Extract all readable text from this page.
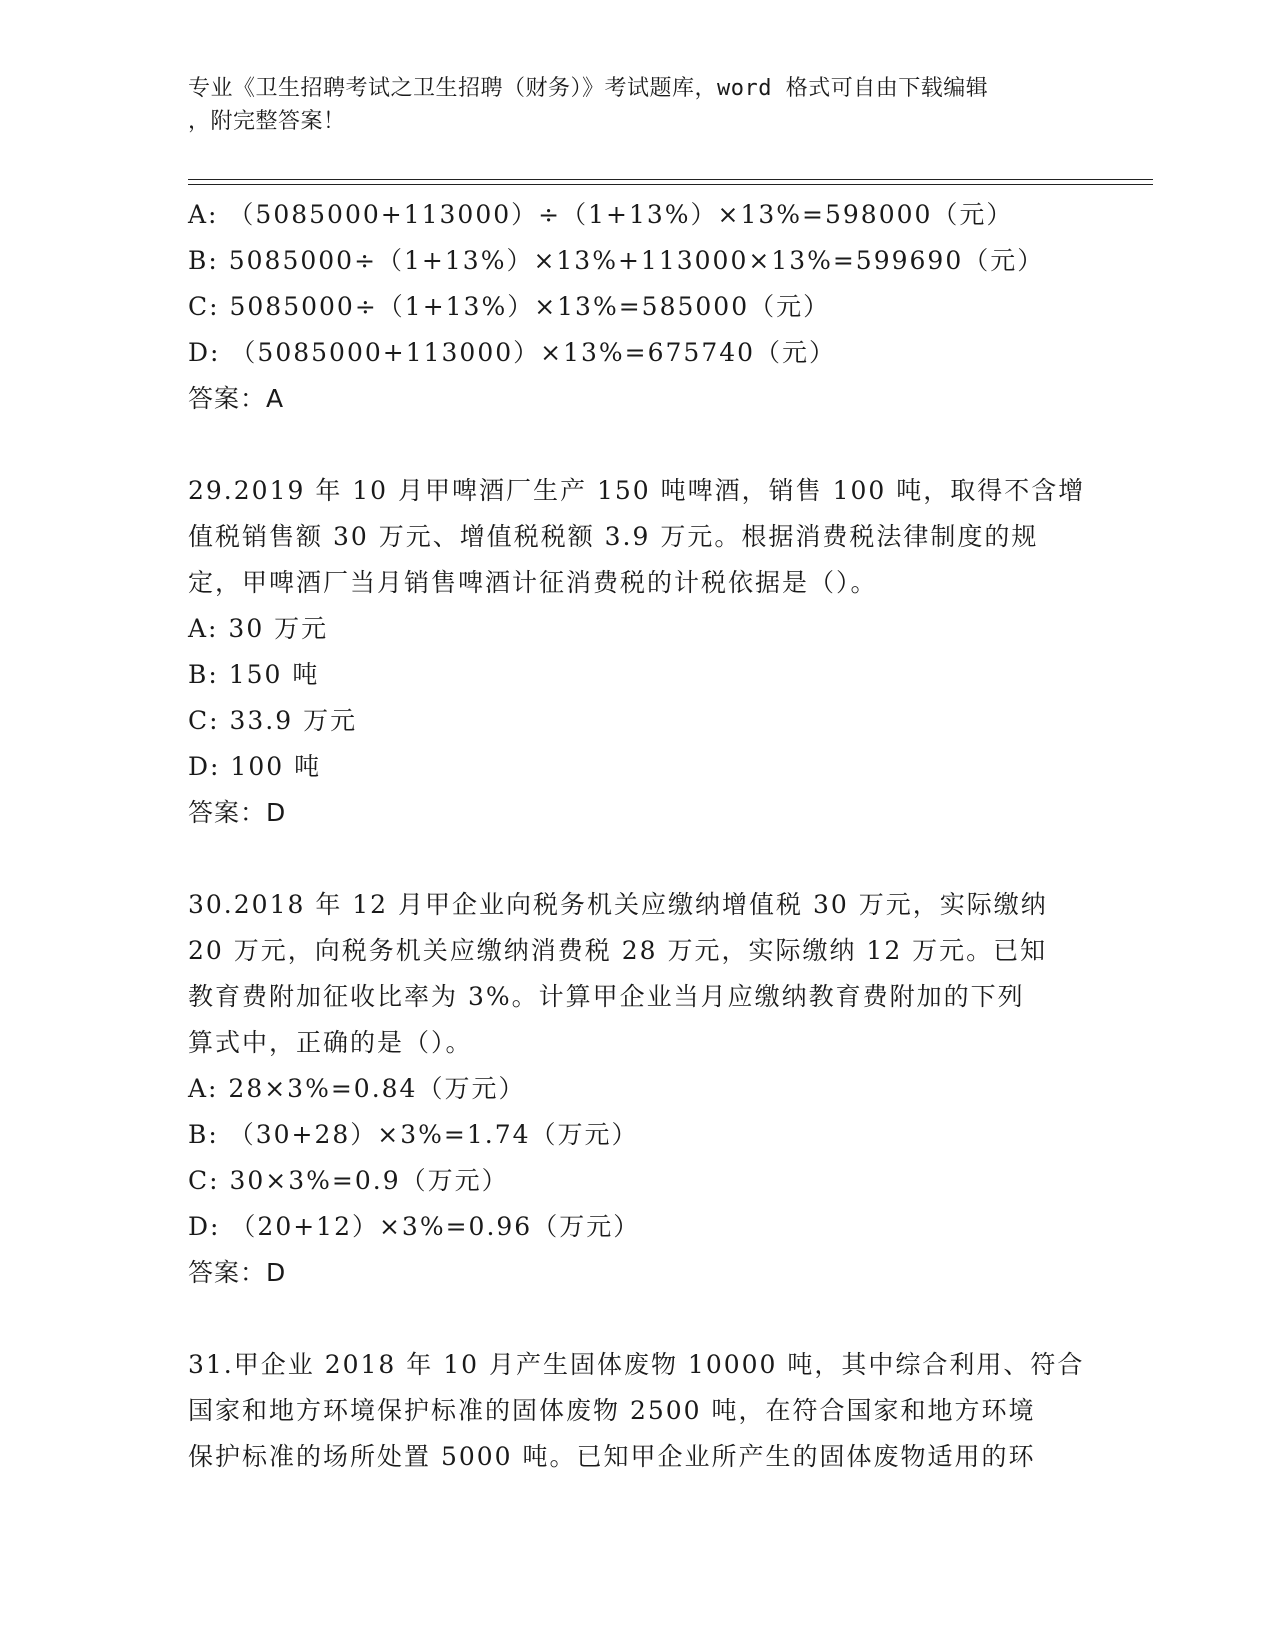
专业《卫生招聘考试之卫生招聘（财务）》考试题库，word 格式可自由下载编辑
，附完整答案！
A: （5085000+113000）÷（1+13%）×13%=598000（元）
B: 5085000÷（1+13%）×13%+113000×13%=599690（元）
C: 5085000÷（1+13%）×13%=585000（元）
D: （5085000+113000）×13%=675740（元）
答案：A
29.2019 年 10 月甲啤酒厂生产 150 吨啤酒，销售 100 吨，取得不含增
值税销售额 30 万元、增值税税额 3.9 万元。根据消费税法律制度的规
定，甲啤酒厂当月销售啤酒计征消费税的计税依据是（）。
A: 30 万元
B: 150 吨
C: 33.9 万元
D: 100 吨
答案：D
30.2018 年 12 月甲企业向税务机关应缴纳增值税 30 万元，实际缴纳
20 万元，向税务机关应缴纳消费税 28 万元，实际缴纳 12 万元。已知
教育费附加征收比率为 3%。计算甲企业当月应缴纳教育费附加的下列
算式中，正确的是（）。
A: 28×3%=0.84（万元）
B: （30+28）×3%=1.74（万元）
C: 30×3%=0.9（万元）
D: （20+12）×3%=0.96（万元）
答案：D
31.甲企业 2018 年 10 月产生固体废物 10000 吨，其中综合利用、符合
国家和地方环境保护标准的固体废物 2500 吨，在符合国家和地方环境
保护标准的场所处置 5000 吨。已知甲企业所产生的固体废物适用的环
